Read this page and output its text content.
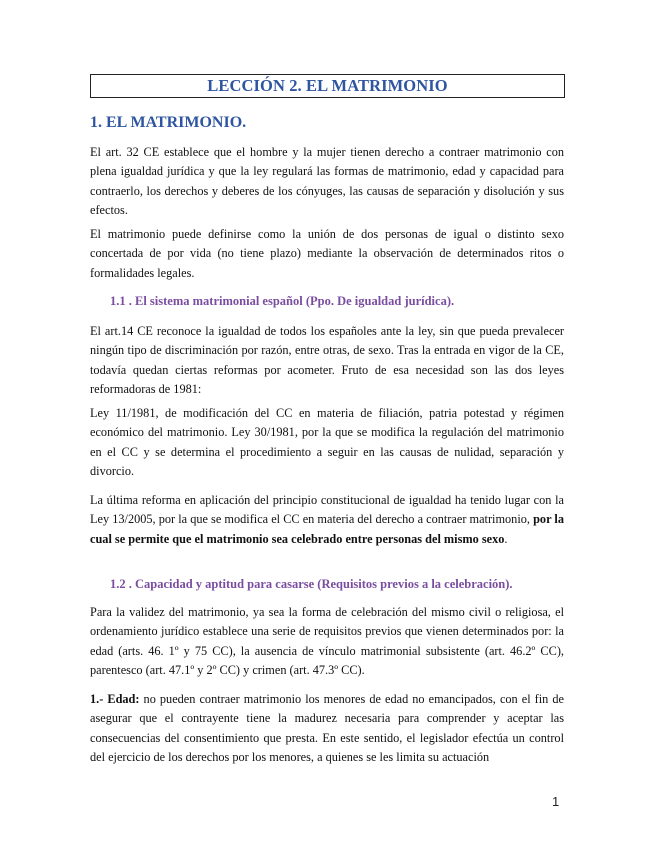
LECCIÓN 2. EL MATRIMONIO
1. EL MATRIMONIO.
El art. 32 CE establece que el hombre y la mujer tienen derecho a contraer matrimonio con plena igualdad jurídica y que la ley regulará las formas de matrimonio, edad y capacidad para contraerlo, los derechos y deberes de los cónyuges, las causas de separación y disolución y sus efectos.
El matrimonio puede definirse como la unión de dos personas de igual o distinto sexo concertada de por vida (no tiene plazo) mediante la observación de determinados ritos o formalidades legales.
1.1 . El sistema matrimonial español (Ppo. De igualdad jurídica).
El art.14 CE reconoce la igualdad de todos los españoles ante la ley, sin que pueda prevalecer ningún tipo de discriminación por razón, entre otras, de sexo. Tras la entrada en vigor de la CE, todavía quedan ciertas reformas por acometer. Fruto de esa necesidad son las dos leyes reformadoras de 1981:
Ley 11/1981, de modificación del CC en materia de filiación, patria potestad y régimen económico del matrimonio. Ley 30/1981, por la que se modifica la regulación del matrimonio en el CC y se determina el procedimiento a seguir en las causas de nulidad, separación y divorcio.
La última reforma en aplicación del principio constitucional de igualdad ha tenido lugar con la Ley 13/2005, por la que se modifica el CC en materia del derecho a contraer matrimonio, por la cual se permite que el matrimonio sea celebrado entre personas del mismo sexo.
1.2 . Capacidad y aptitud para casarse (Requisitos previos a la celebración).
Para la validez del matrimonio, ya sea la forma de celebración del mismo civil o religiosa, el ordenamiento jurídico establece una serie de requisitos previos que vienen determinados por: la edad (arts. 46. 1º y 75 CC), la ausencia de vínculo matrimonial subsistente (art. 46.2º CC), parentesco (art. 47.1º y 2º CC) y crimen (art. 47.3º CC).
1.- Edad: no pueden contraer matrimonio los menores de edad no emancipados, con el fin de asegurar que el contrayente tiene la madurez necesaria para comprender y aceptar las consecuencias del consentimiento que presta. En este sentido, el legislador efectúa un control del ejercicio de los derechos por los menores, a quienes se les limita su actuación
1
